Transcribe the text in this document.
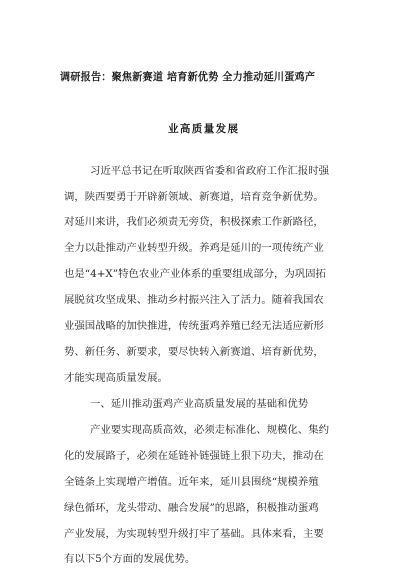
调研报告：聚焦新赛道 培育新优势 全力推动延川蛋鸡产
业高质量发展
习近平总书记在听取陕西省委和省政府工作汇报时强
调，陕西要勇于开辟新领域、新赛道，培育竞争新优势。
对延川来讲，我们必须责无旁贷，积极探索工作新路径，
全力以赴推动产业转型升级。养鸡是延川的一项传统产业
也是“4+X”特色农业产业体系的重要组成部分，为巩固拓
展脱贫攻坚成果、推动乡村振兴注入了活力。随着我国农
业强国战略的加快推进，传统蛋鸡养殖已经无法适应新形
势、新任务、新要求，要尽快转入新赛道、培育新优势，
才能实现高质量发展。
一、延川推动蛋鸡产业高质量发展的基础和优势
产业要实现高质高效，必须走标准化、规模化、集约
化的发展路子，必须在延链补链强链上狠下功夫，推动在
全链条上实现增产增值。近年来，延川县围绕“规模养殖
绿色循环，龙头带动、融合发展”的思路，积极推动蛋鸡
产业发展，为实现转型升级打牢了基础。具体来看，主要
有以下5个方面的发展优势。
